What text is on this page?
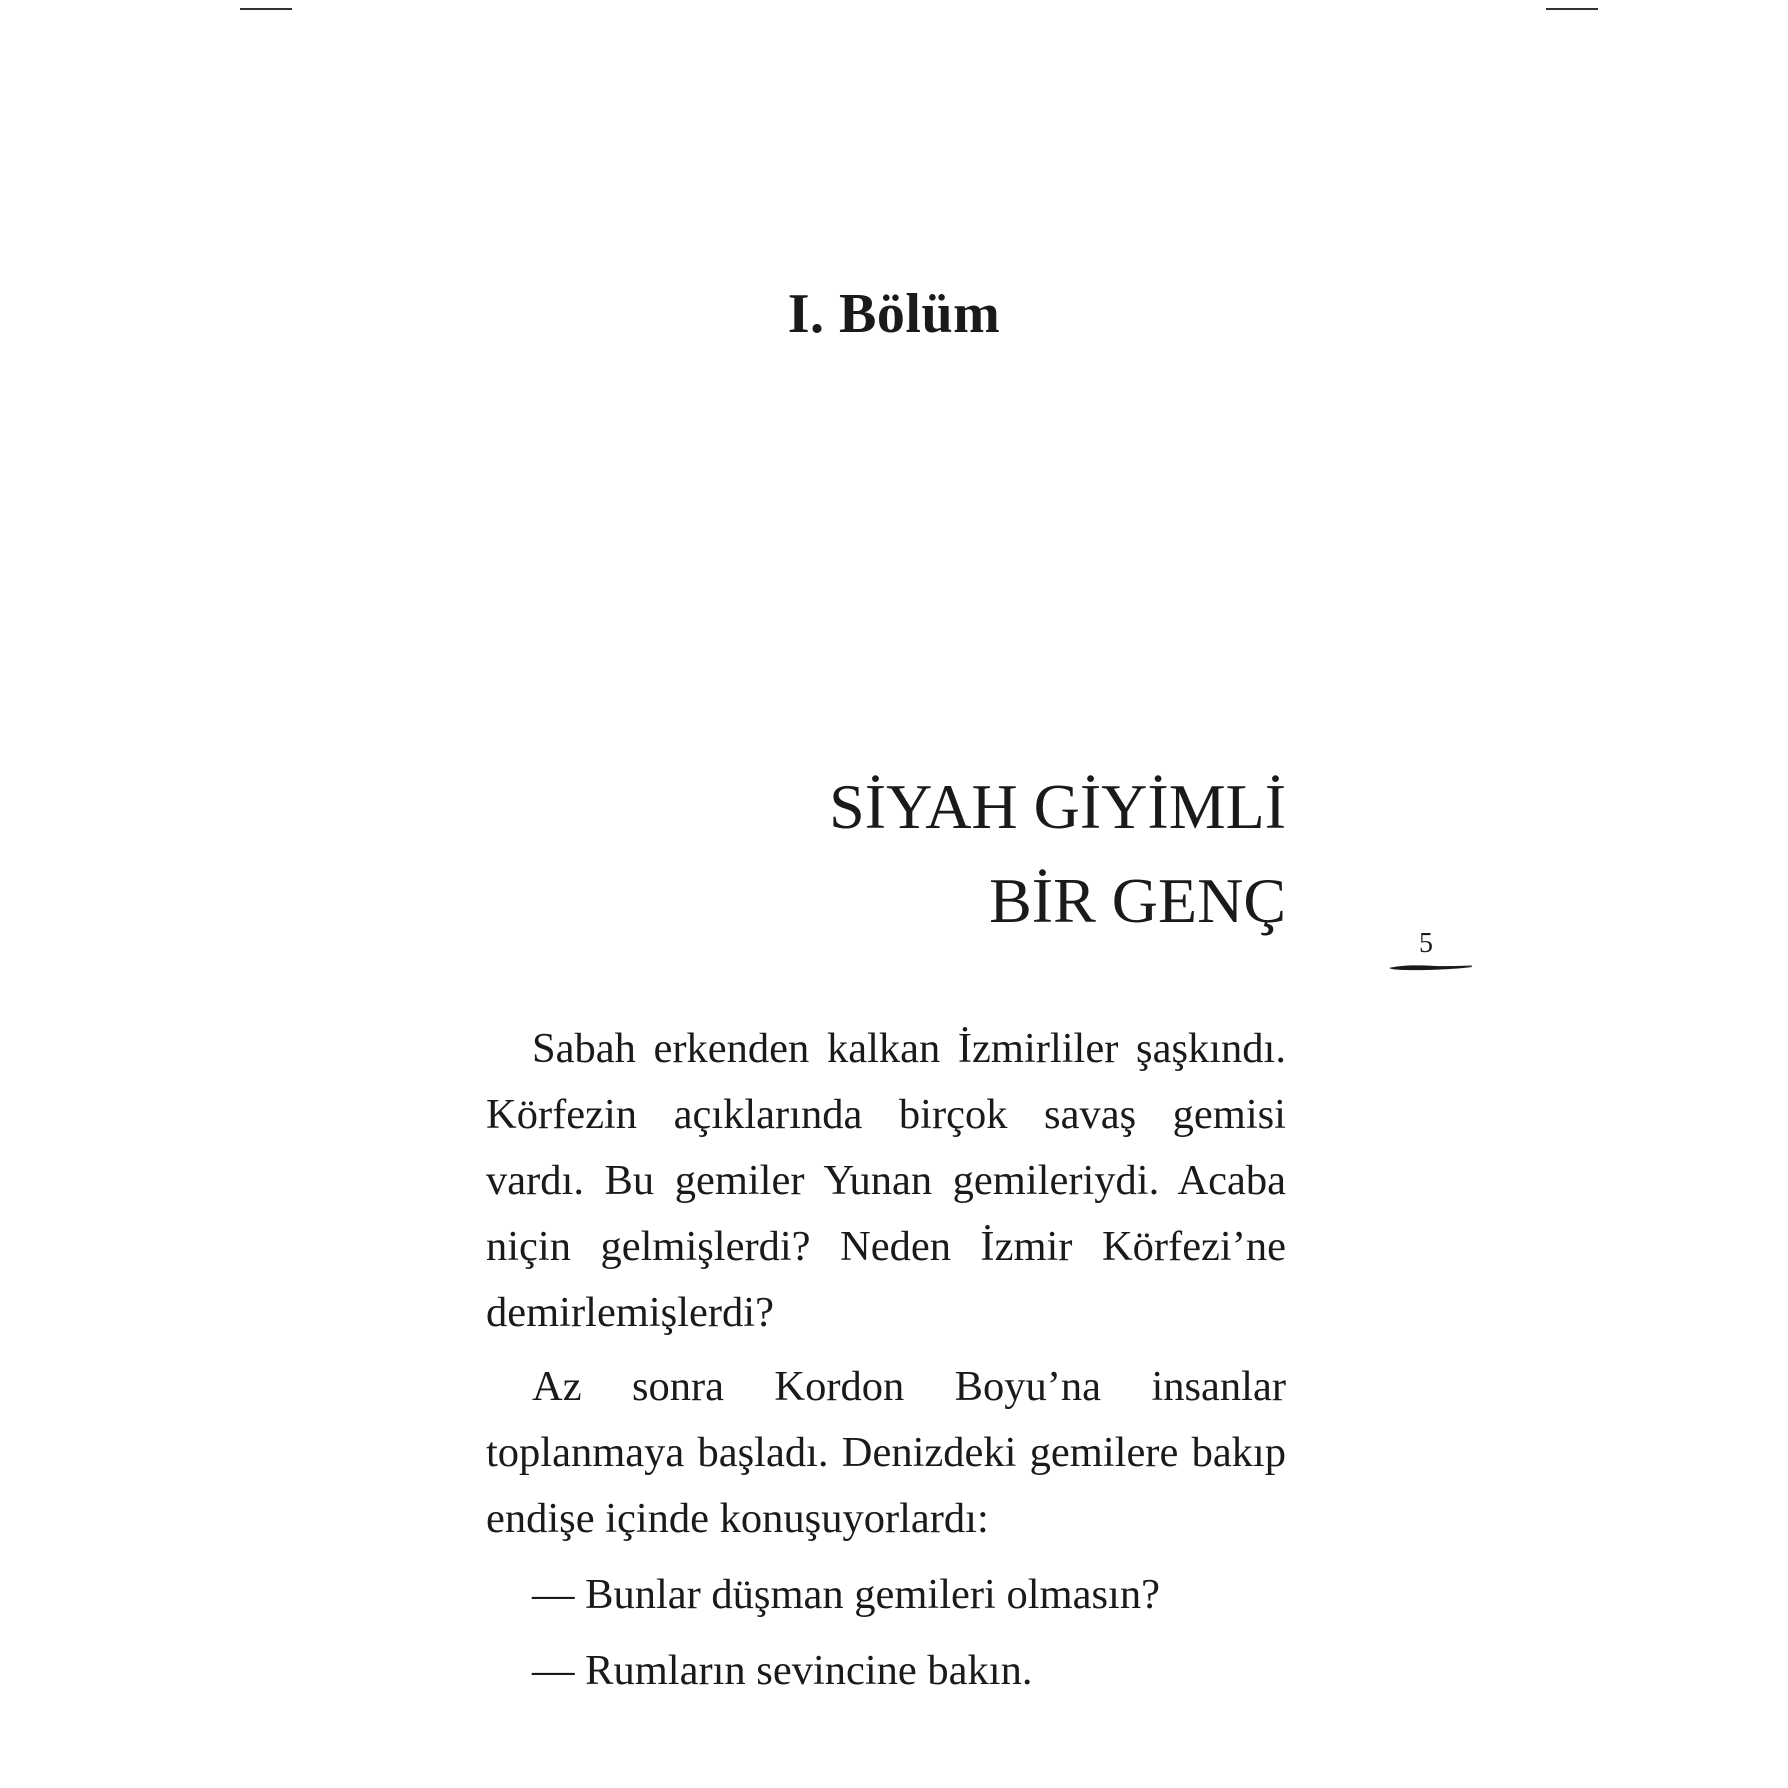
I. Bölüm
SİYAH GİYİMLİ
BİR GENÇ
5

Sabah erkenden kalkan İzmirliler şaşkındı. Körfezin açıklarında birçok savaş gemisi vardı. Bu gemiler Yunan gemileriydi. Acaba niçin gelmişlerdi? Neden İzmir Körfezi’ne demirlemişlerdi?

Az sonra Kordon Boyu’na insanlar toplanmaya başladı. Denizdeki gemilere bakıp endişe içinde konuşuyorlardı:

— Bunlar düşman gemileri olmasın?

— Rumların sevincine bakın.
